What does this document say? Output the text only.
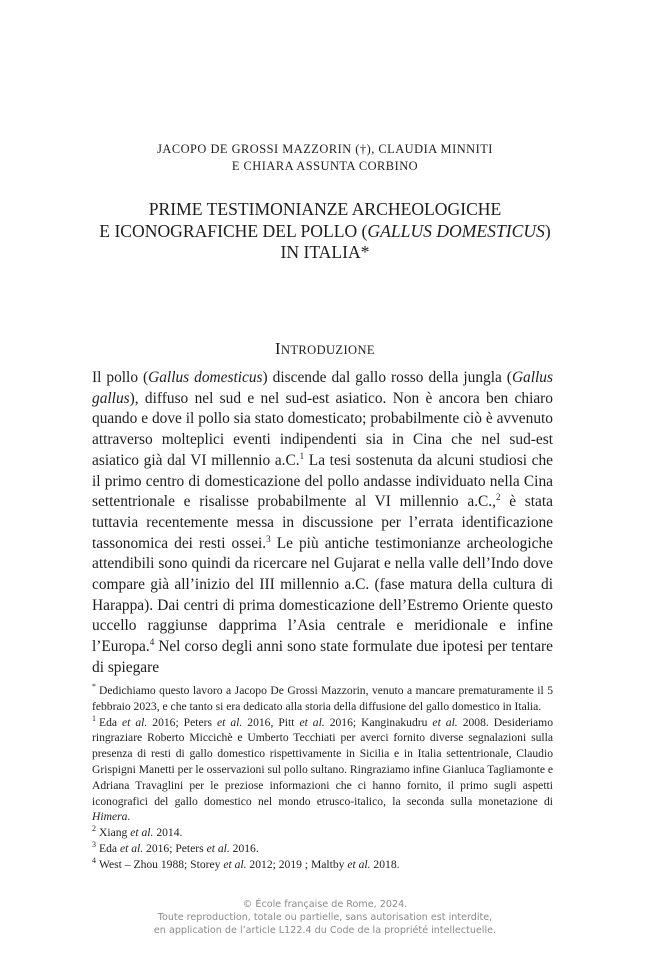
JACOPO DE GROSSI MAZZORIN (†), CLAUDIA MINNITI
E CHIARA ASSUNTA CORBINO
PRIME TESTIMONIANZE ARCHEOLOGICHE
E ICONOGRAFICHE DEL POLLO (GALLUS DOMESTICUS)
IN ITALIA*
INTRODUZIONE

Il pollo (Gallus domesticus) discende dal gallo rosso della jungla (Gallus gallus), diffuso nel sud e nel sud-est asiatico. Non è ancora ben chiaro quando e dove il pollo sia stato domesticato; probabilmente ciò è avvenuto attraverso molteplici eventi indipendenti sia in Cina che nel sud-est asiatico già dal VI millennio a.C.$^1$ La tesi sostenuta da alcuni studiosi che il primo centro di domesticazione del pollo andasse individuato nella Cina settentrionale e risalisse probabilmente al VI millennio a.C.,$^2$ è stata tuttavia recentemente messa in discussione per l’errata identificazione tassonomica dei resti ossei.$^3$ Le più antiche testimonianze archeologiche attendibili sono quindi da ricercare nel Gujarat e nella valle dell’Indo dove compare già all’inizio del III millennio a.C. (fase matura della cultura di Harappa). Dai centri di prima domesticazione dell’Estremo Oriente questo uccello raggiunse dapprima l’Asia centrale e meridionale e infine l’Europa.$^4$ Nel corso degli anni sono state formulate due ipotesi per tentare di spiegare

* Dedichiamo questo lavoro a Jacopo De Grossi Mazzorin, venuto a mancare prematuramente il 5 febbraio 2023, e che tanto si era dedicato alla storia della diffusione del gallo domestico in Italia.

$^1$ Eda et al. 2016; Peters et al. 2016, Pitt et al. 2016; Kanginakudru et al. 2008. Desideriamo ringraziare Roberto Miccichè e Umberto Tecchiati per averci fornito diverse segnalazioni sulla presenza di resti di gallo domestico rispettivamente in Sicilia e in Italia settentrionale, Claudio Grispigni Manetti per le osservazioni sul pollo sultano. Ringraziamo infine Gianluca Tagliamonte e Adriana Travaglini per le preziose informazioni che ci hanno fornito, il primo sugli aspetti iconografici del gallo domestico nel mondo etrusco-italico, la seconda sulla monetazione di Himera.

$^2$ Xiang et al. 2014.

$^3$ Eda et al. 2016; Peters et al. 2016.

$^4$ West – Zhou 1988; Storey et al. 2012; 2019 ; Maltby et al. 2018.

© École française de Rome, 2024.
Toute reproduction, totale ou partielle, sans autorisation est interdite,
en application de l’article L122.4 du Code de la propriété intellectuelle.
